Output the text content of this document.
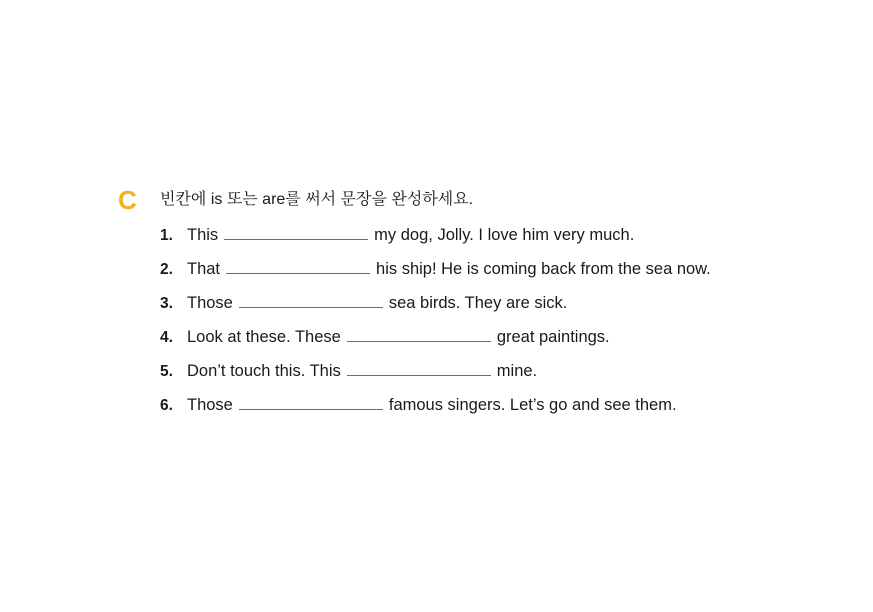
C	빈칸에 is 또는 are를 써서 문장을 완성하세요.
1. This	my dog, Jolly. I love him very much.
2. That	his ship! He is coming back from the sea now.
3. Those	sea birds. They are sick.
4. Look at these. These	great paintings.
5. Don’t touch this. This	mine.
6. Those	famous singers. Let’s go and see them.
